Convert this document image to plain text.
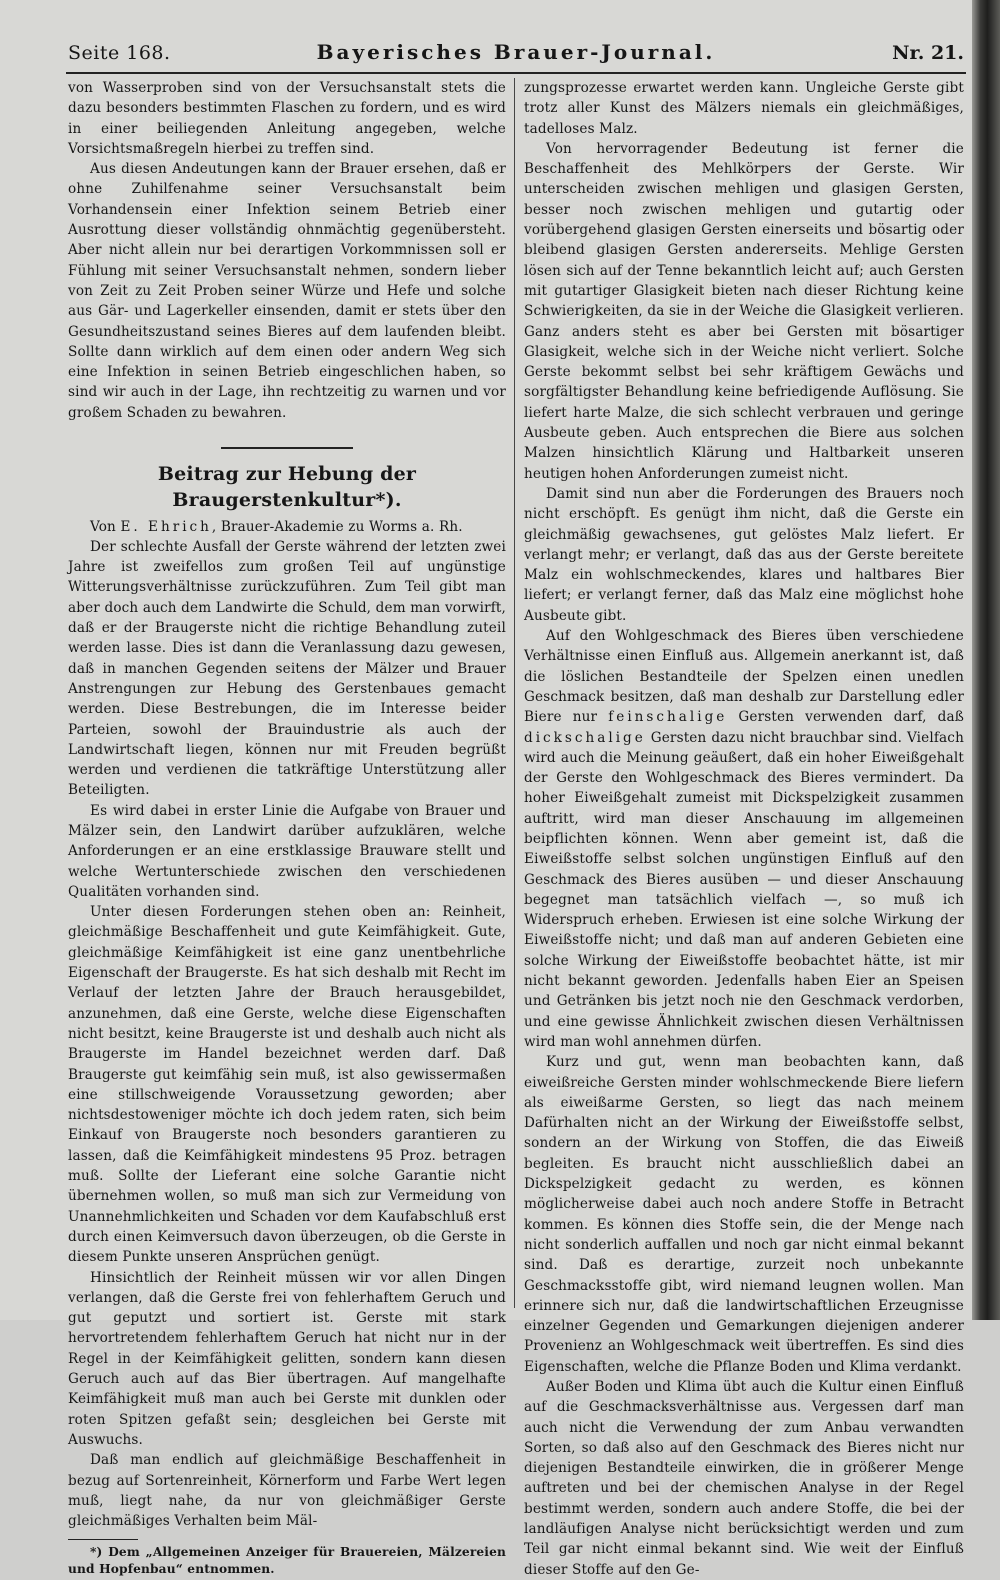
Seite 168.	Bayerisches Brauer-Journal.	Nr. 21.

von Wasserproben sind von der Versuchsanstalt stets die dazu besonders bestimmten Flaschen zu fordern, und es wird in einer beiliegenden Anleitung angegeben, welche Vorsichtsmaßregeln hierbei zu treffen sind.

Aus diesen Andeutungen kann der Brauer ersehen, daß er ohne Zuhilfenahme seiner Versuchsanstalt beim Vorhandensein einer Infektion seinem Betrieb einer Ausrottung dieser vollständig ohnmächtig gegenübersteht. Aber nicht allein nur bei derartigen Vorkommnissen soll er Fühlung mit seiner Versuchsanstalt nehmen, sondern lieber von Zeit zu Zeit Proben seiner Würze und Hefe und solche aus Gär- und Lagerkeller einsenden, damit er stets über den Gesundheitszustand seines Bieres auf dem laufenden bleibt. Sollte dann wirklich auf dem einen oder andern Weg sich eine Infektion in seinen Betrieb eingeschlichen haben, so sind wir auch in der Lage, ihn rechtzeitig zu warnen und vor großem Schaden zu bewahren.

Beitrag zur Hebung der Braugerstenkultur*).

Von E. Ehrich, Brauer-Akademie zu Worms a. Rh.

Der schlechte Ausfall der Gerste während der letzten zwei Jahre ist zweifellos zum großen Teil auf ungünstige Witterungsverhältnisse zurückzuführen. Zum Teil gibt man aber doch auch dem Landwirte die Schuld, dem man vorwirft, daß er der Braugerste nicht die richtige Behandlung zuteil werden lasse. Dies ist dann die Veranlassung dazu gewesen, daß in manchen Gegenden seitens der Mälzer und Brauer Anstrengungen zur Hebung des Gerstenbaues gemacht werden. Diese Bestrebungen, die im Interesse beider Parteien, sowohl der Brauindustrie als auch der Landwirtschaft liegen, können nur mit Freuden begrüßt werden und verdienen die tatkräftige Unterstützung aller Beteiligten.

Es wird dabei in erster Linie die Aufgabe von Brauer und Mälzer sein, den Landwirt darüber aufzuklären, welche Anforderungen er an eine erstklassige Brauware stellt und welche Wertunterschiede zwischen den verschiedenen Qualitäten vorhanden sind.

Unter diesen Forderungen stehen oben an: Reinheit, gleichmäßige Beschaffenheit und gute Keimfähigkeit. Gute, gleichmäßige Keimfähigkeit ist eine ganz unentbehrliche Eigenschaft der Braugerste. Es hat sich deshalb mit Recht im Verlauf der letzten Jahre der Brauch herausgebildet, anzunehmen, daß eine Gerste, welche diese Eigenschaften nicht besitzt, keine Braugerste ist und deshalb auch nicht als Braugerste im Handel bezeichnet werden darf. Daß Braugerste gut keimfähig sein muß, ist also gewissermaßen eine stillschweigende Voraussetzung geworden; aber nichtsdestoweniger möchte ich doch jedem raten, sich beim Einkauf von Braugerste noch besonders garantieren zu lassen, daß die Keimfähigkeit mindestens 95 Proz. betragen muß. Sollte der Lieferant eine solche Garantie nicht übernehmen wollen, so muß man sich zur Vermeidung von Unannehmlichkeiten und Schaden vor dem Kaufabschluß erst durch einen Keimversuch davon überzeugen, ob die Gerste in diesem Punkte unseren Ansprüchen genügt.

Hinsichtlich der Reinheit müssen wir vor allen Dingen verlangen, daß die Gerste frei von fehlerhaftem Geruch und gut geputzt und sortiert ist. Gerste mit stark hervortretendem fehlerhaftem Geruch hat nicht nur in der Regel in der Keimfähigkeit gelitten, sondern kann diesen Geruch auch auf das Bier übertragen. Auf mangelhafte Keimfähigkeit muß man auch bei Gerste mit dunklen oder roten Spitzen gefaßt sein; desgleichen bei Gerste mit Auswuchs.

Daß man endlich auf gleichmäßige Beschaffenheit in bezug auf Sortenreinheit, Körnerform und Farbe Wert legen muß, liegt nahe, da nur von gleichmäßiger Gerste gleichmäßiges Verhalten beim Mäl-

*) Dem „Allgemeinen Anzeiger für Brauereien, Mälzereien und Hopfenbau“ entnommen.

zungsprozesse erwartet werden kann. Ungleiche Gerste gibt trotz aller Kunst des Mälzers niemals ein gleichmäßiges, tadelloses Malz.

Von hervorragender Bedeutung ist ferner die Beschaffenheit des Mehlkörpers der Gerste. Wir unterscheiden zwischen mehligen und glasigen Gersten, besser noch zwischen mehligen und gutartig oder vorübergehend glasigen Gersten einerseits und bösartig oder bleibend glasigen Gersten andererseits. Mehlige Gersten lösen sich auf der Tenne bekanntlich leicht auf; auch Gersten mit gutartiger Glasigkeit bieten nach dieser Richtung keine Schwierigkeiten, da sie in der Weiche die Glasigkeit verlieren. Ganz anders steht es aber bei Gersten mit bösartiger Glasigkeit, welche sich in der Weiche nicht verliert. Solche Gerste bekommt selbst bei sehr kräftigem Gewächs und sorgfältigster Behandlung keine befriedigende Auflösung. Sie liefert harte Malze, die sich schlecht verbrauen und geringe Ausbeute geben. Auch entsprechen die Biere aus solchen Malzen hinsichtlich Klärung und Haltbarkeit unseren heutigen hohen Anforderungen zumeist nicht.

Damit sind nun aber die Forderungen des Brauers noch nicht erschöpft. Es genügt ihm nicht, daß die Gerste ein gleichmäßig gewachsenes, gut gelöstes Malz liefert. Er verlangt mehr; er verlangt, daß das aus der Gerste bereitete Malz ein wohlschmeckendes, klares und haltbares Bier liefert; er verlangt ferner, daß das Malz eine möglichst hohe Ausbeute gibt.

Auf den Wohlgeschmack des Bieres üben verschiedene Verhältnisse einen Einfluß aus. Allgemein anerkannt ist, daß die löslichen Bestandteile der Spelzen einen unedlen Geschmack besitzen, daß man deshalb zur Darstellung edler Biere nur feinschalige Gersten verwenden darf, daß dickschalige Gersten dazu nicht brauchbar sind. Vielfach wird auch die Meinung geäußert, daß ein hoher Eiweißgehalt der Gerste den Wohlgeschmack des Bieres vermindert. Da hoher Eiweißgehalt zumeist mit Dickspelzigkeit zusammen auftritt, wird man dieser Anschauung im allgemeinen beipflichten können. Wenn aber gemeint ist, daß die Eiweißstoffe selbst solchen ungünstigen Einfluß auf den Geschmack des Bieres ausüben — und dieser Anschauung begegnet man tatsächlich vielfach —, so muß ich Widerspruch erheben. Erwiesen ist eine solche Wirkung der Eiweißstoffe nicht; und daß man auf anderen Gebieten eine solche Wirkung der Eiweißstoffe beobachtet hätte, ist mir nicht bekannt geworden. Jedenfalls haben Eier an Speisen und Getränken bis jetzt noch nie den Geschmack verdorben, und eine gewisse Ähnlichkeit zwischen diesen Verhältnissen wird man wohl annehmen dürfen.

Kurz und gut, wenn man beobachten kann, daß eiweißreiche Gersten minder wohlschmeckende Biere liefern als eiweißarme Gersten, so liegt das nach meinem Dafürhalten nicht an der Wirkung der Eiweißstoffe selbst, sondern an der Wirkung von Stoffen, die das Eiweiß begleiten. Es braucht nicht ausschließlich dabei an Dickspelzigkeit gedacht zu werden, es können möglicherweise dabei auch noch andere Stoffe in Betracht kommen. Es können dies Stoffe sein, die der Menge nach nicht sonderlich auffallen und noch gar nicht einmal bekannt sind. Daß es derartige, zurzeit noch unbekannte Geschmacksstoffe gibt, wird niemand leugnen wollen. Man erinnere sich nur, daß die landwirtschaftlichen Erzeugnisse einzelner Gegenden und Gemarkungen diejenigen anderer Provenienz an Wohlgeschmack weit übertreffen. Es sind dies Eigenschaften, welche die Pflanze Boden und Klima verdankt.

Außer Boden und Klima übt auch die Kultur einen Einfluß auf die Geschmacksverhältnisse aus. Vergessen darf man auch nicht die Verwendung der zum Anbau verwandten Sorten, so daß also auf den Geschmack des Bieres nicht nur diejenigen Bestandteile einwirken, die in größerer Menge auftreten und bei der chemischen Analyse in der Regel bestimmt werden, sondern auch andere Stoffe, die bei der landläufigen Analyse nicht berücksichtigt werden und zum Teil gar nicht einmal bekannt sind. Wie weit der Einfluß dieser Stoffe auf den Ge-
